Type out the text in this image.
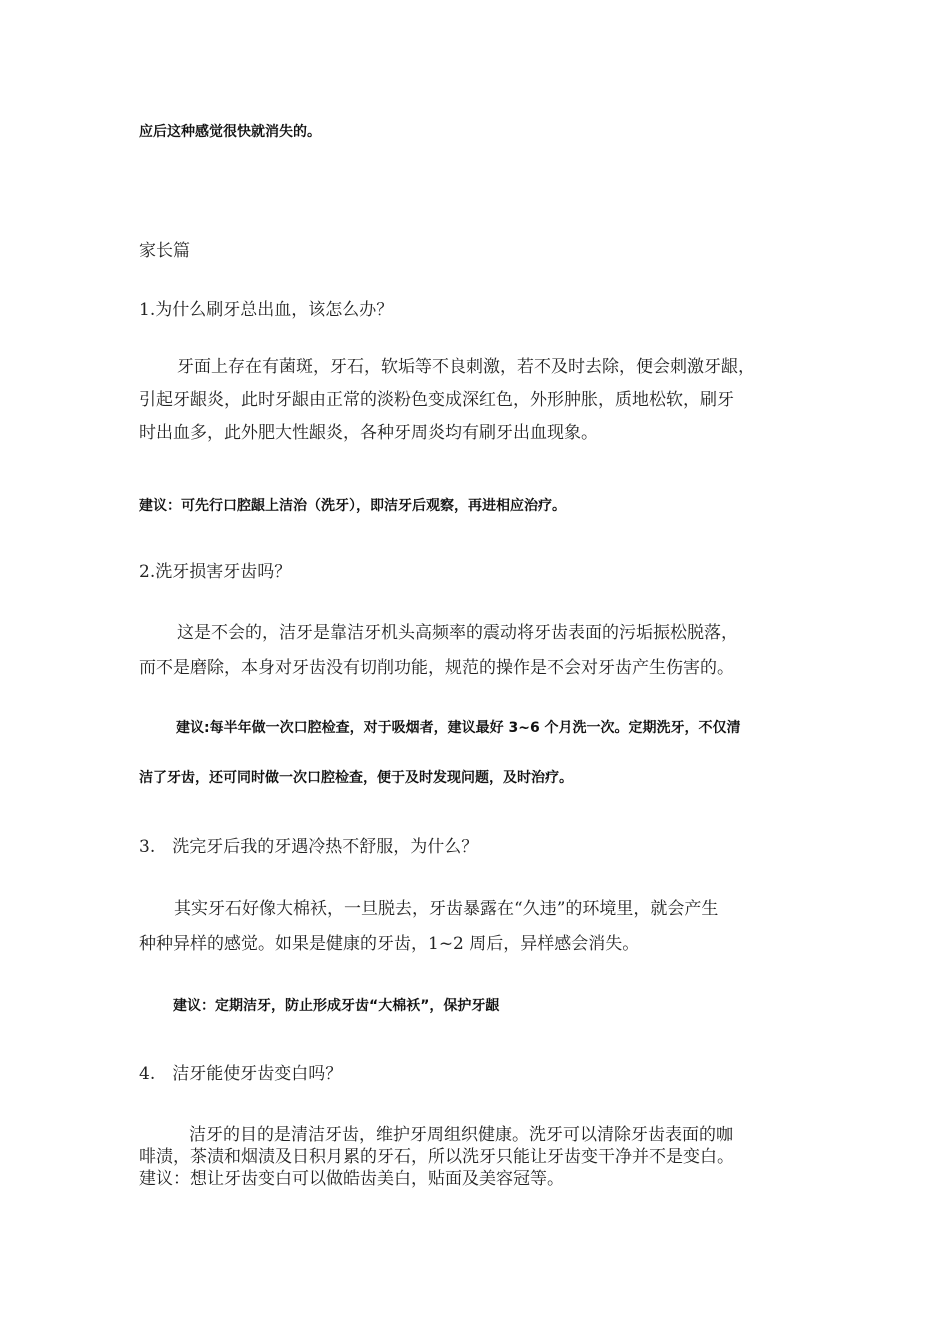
应后这种感觉很快就消失的。

家长篇

1.为什么刷牙总出血，该怎么办？

牙面上存在有菌斑，牙石，软垢等不良刺激，若不及时去除，便会刺激牙龈，
引起牙龈炎，此时牙龈由正常的淡粉色变成深红色，外形肿胀，质地松软，刷牙
时出血多，此外肥大性龈炎，各种牙周炎均有刷牙出血现象。

建议：可先行口腔龈上洁治（洗牙），即洁牙后观察，再进相应治疗。

2.洗牙损害牙齿吗？

这是不会的，洁牙是靠洁牙机头高频率的震动将牙齿表面的污垢振松脱落，
而不是磨除，本身对牙齿没有切削功能，规范的操作是不会对牙齿产生伤害的。

建议:每半年做一次口腔检查，对于吸烟者，建议最好 3~6 个月洗一次。定期洗牙，不仅清

洁了牙齿，还可同时做一次口腔检查，便于及时发现问题，及时治疗。

3.　洗完牙后我的牙遇冷热不舒服，为什么？

其实牙石好像大棉袄，一旦脱去，牙齿暴露在“久违”的环境里，就会产生
种种异样的感觉。如果是健康的牙齿，1~2 周后，异样感会消失。

建议：定期洁牙，防止形成牙齿“大棉袄”，保护牙龈

4.　洁牙能使牙齿变白吗？

洁牙的目的是清洁牙齿，维护牙周组织健康。洗牙可以清除牙齿表面的咖
啡渍，茶渍和烟渍及日积月累的牙石，所以洗牙只能让牙齿变干净并不是变白。
建议：想让牙齿变白可以做皓齿美白，贴面及美容冠等。
